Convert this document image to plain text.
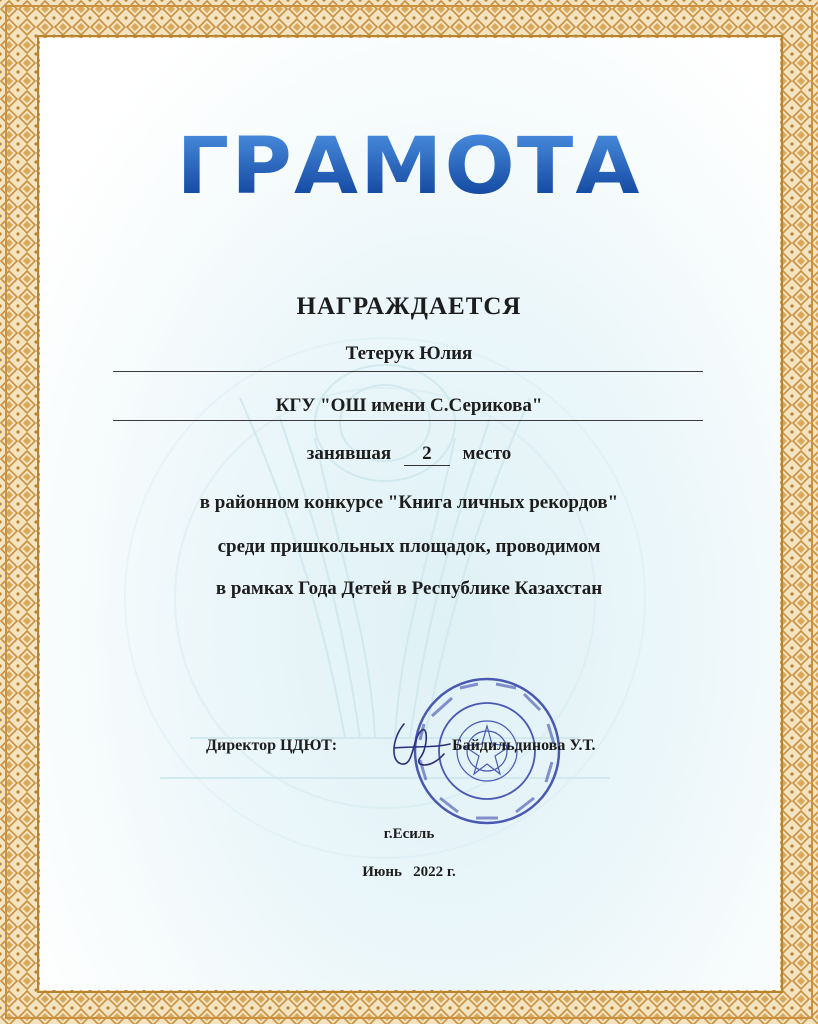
ГРАМОТА
НАГРАЖДАЕТСЯ
Тетерук Юлия
КГУ "ОШ имени С.Серикова"
занявшая 2 место
в районном конкурсе "Книга личных рекордов"
среди пришкольных площадок, проводимом
в рамках Года Детей в Республике Казахстан
Директор ЦДЮТ:	Байдильдинова У.Т.
г.Есиль
Июнь   2022 г.
